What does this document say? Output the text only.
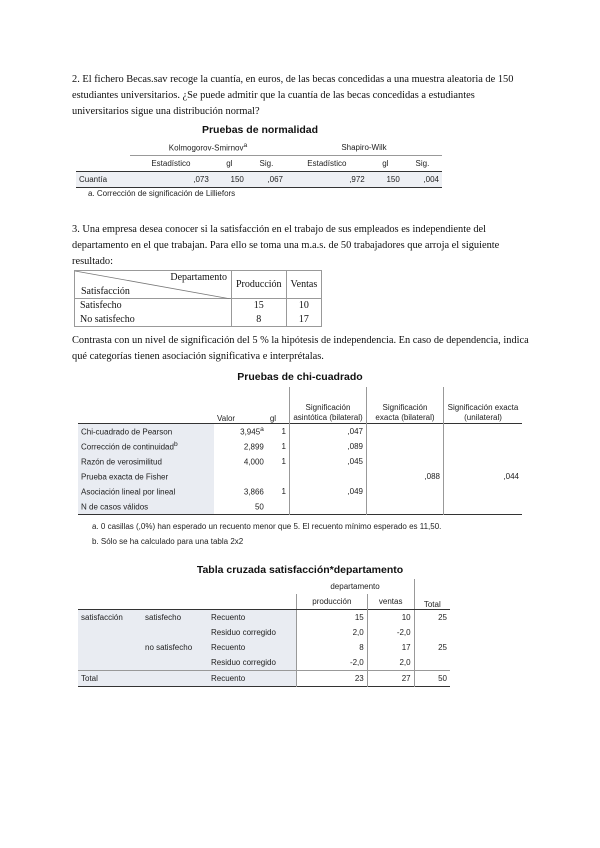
2. El fichero Becas.sav recoge la cuantía, en euros, de las becas concedidas a una muestra aleatoria de 150 estudiantes universitarios. ¿Se puede admitir que la cuantía de las becas concedidas a estudiantes universitarios sigue una distribución normal?
Pruebas de normalidad
	Kolmogorov-Smirnov$^a$			Shapiro-Wilk		
	Estadístico	gl	Sig.	Estadístico	gl	Sig.
Cuantía	,073	150	,067	,972	150	,004
a. Corrección de significación de Lilliefors
3. Una empresa desea conocer si la satisfacción en el trabajo de sus empleados es independiente del departamento en el que trabajan. Para ello se toma una m.a.s. de 50 trabajadores que arroja el siguiente resultado:
Departamento
Satisfacción	Producción	Ventas
Satisfecho	15	10
No satisfecho	8	17
Contrasta con un nivel de significación del 5 % la hipótesis de independencia. En caso de dependencia, indica qué categorías tienen asociación significativa e interprétalas.
Pruebas de chi-cuadrado
	Valor	gl	Significación asintótica (bilateral)	Significación exacta (bilateral)	Significación exacta (unilateral)
Chi-cuadrado de Pearson	3,945$^a$	1	,047		
Corrección de continuidad$^b$	2,899	1	,089		
Razón de verosimilitud	4,000	1	,045		
Prueba exacta de Fisher				,088	,044
Asociación lineal por lineal	3,866	1	,049		
N de casos válidos	50				
a. 0 casillas (,0%) han esperado un recuento menor que 5. El recuento mínimo esperado es 11,50.
b. Sólo se ha calculado para una tabla 2x2
Tabla cruzada satisfacción*departamento
			departamento		Total
			producción	ventas	
satisfacción	satisfecho	Recuento	15	10	25
		Residuo corregido	2,0	-2,0	
	no satisfecho	Recuento	8	17	25
		Residuo corregido	-2,0	2,0	
Total		Recuento	23	27	50
